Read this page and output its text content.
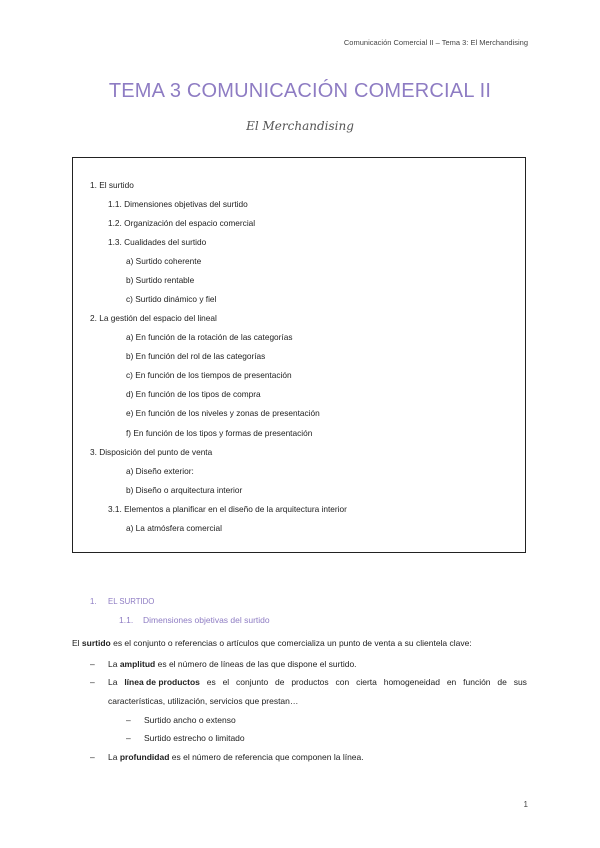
Comunicación Comercial II – Tema 3: El Merchandising
TEMA 3 COMUNICACIÓN COMERCIAL II
El Merchandising
1. El surtido
1.1. Dimensiones objetivas del surtido
1.2. Organización del espacio comercial
1.3. Cualidades del surtido
a) Surtido coherente
b) Surtido rentable
c) Surtido dinámico y fiel
2. La gestión del espacio del lineal
a) En función de la rotación de las categorías
b) En función del rol de las categorías
c) En función de los tiempos de presentación
d) En función de los tipos de compra
e) En función de los niveles y zonas de presentación
f) En función de los tipos y formas de presentación
3. Disposición del punto de venta
a) Diseño exterior:
b) Diseño o arquitectura interior
3.1. Elementos a planificar en el diseño de la arquitectura interior
a) La atmósfera comercial
1. EL SURTIDO
1.1. Dimensiones objetivas del surtido
El surtido es el conjunto o referencias o artículos que comercializa un punto de venta a su clientela clave:
– La amplitud es el número de líneas de las que dispone el surtido.
– La línea de productos es el conjunto de productos con cierta homogeneidad en función de sus
características, utilización, servicios que prestan…
– Surtido ancho o extenso
– Surtido estrecho o limitado
– La profundidad es el número de referencia que componen la línea.
1
